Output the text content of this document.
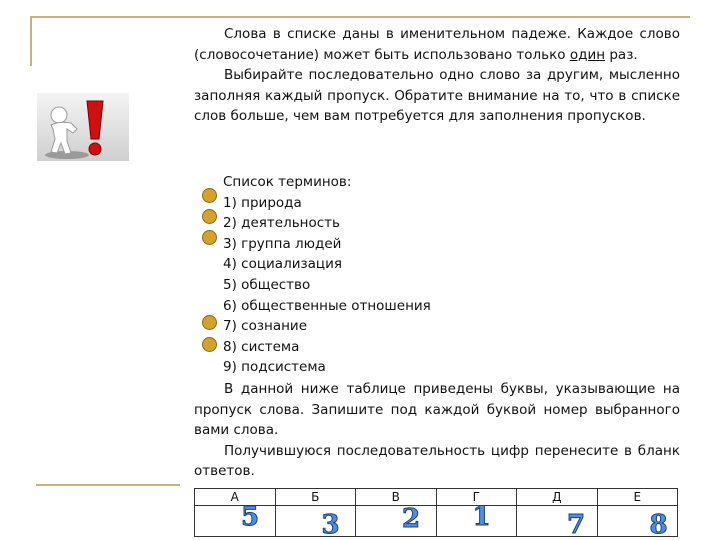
Слова в списке даны в именительном падеже. Каждое слово (словосочетание) может быть использовано только один раз.

Выбирайте последовательно одно слово за другим, мысленно заполняя каждый пропуск. Обратите внимание на то, что в списке слов больше, чем вам потребуется для заполнения пропусков.

Список терминов:

1) природа
2) деятельность
3) группа людей
4) социализация
5) общество
6) общественные отношения
7) сознание
8) система
9) подсистема

В данной ниже таблице приведены буквы, указывающие на пропуск слова. Запишите под каждой буквой номер выбранного вами слова.

Получившуюся последовательность цифр перенесите в бланк ответов.

А	Б	В	Г	Д	Е

5	3	2	1	7	8
